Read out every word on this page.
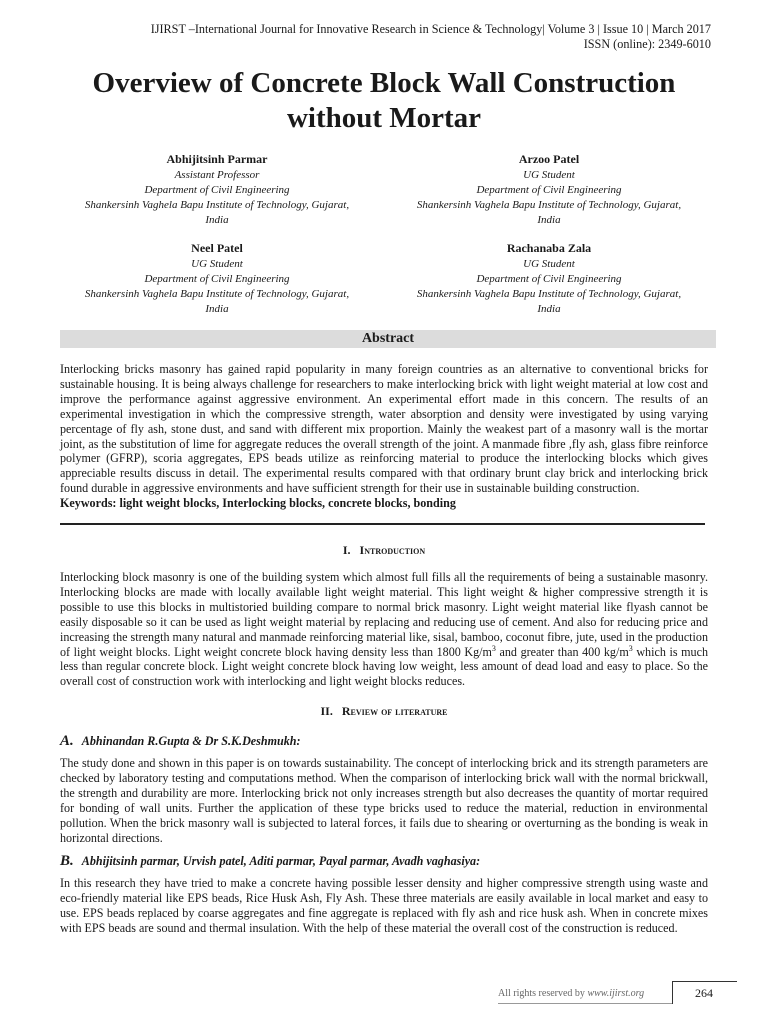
IJIRST –International Journal for Innovative Research in Science & Technology| Volume 3 | Issue 10 | March 2017
ISSN (online): 2349-6010
Overview of Concrete Block Wall Construction
without Mortar
Abhijitsinh Parmar
Assistant Professor
Department of Civil Engineering
Shankersinh Vaghela Bapu Institute of Technology, Gujarat,
India
Arzoo Patel
UG Student
Department of Civil Engineering
Shankersinh Vaghela Bapu Institute of Technology, Gujarat,
India
Neel Patel
UG Student
Department of Civil Engineering
Shankersinh Vaghela Bapu Institute of Technology, Gujarat,
India
Rachanaba Zala
UG Student
Department of Civil Engineering
Shankersinh Vaghela Bapu Institute of Technology, Gujarat,
India
Abstract
Interlocking bricks masonry has gained rapid popularity in many foreign countries as an alternative to conventional bricks for sustainable housing. It is being always challenge for researchers to make interlocking brick with light weight material at low cost and improve the performance against aggressive environment. An experimental effort made in this concern. The results of an experimental investigation in which the compressive strength, water absorption and density were investigated by using varying percentage of fly ash, stone dust, and sand with different mix proportion. Mainly the weakest part of a masonry wall is the mortar joint, as the substitution of lime for aggregate reduces the overall strength of the joint. A manmade fibre ,fly ash, glass fibre reinforce polymer (GFRP), scoria aggregates, EPS beads utilize as reinforcing material to produce the interlocking blocks which gives appreciable results discuss in detail. The experimental results compared with that ordinary brunt clay brick and interlocking brick found durable in aggressive environments and have sufficient strength for their use in sustainable building construction.
Keywords: light weight blocks, Interlocking blocks, concrete blocks, bonding
I. Introduction
Interlocking block masonry is one of the building system which almost full fills all the requirements of being a sustainable masonry. Interlocking blocks are made with locally available light weight material. This light weight & higher compressive strength it is possible to use this blocks in multistoried building compare to normal brick masonry. Light weight material like flyash cannot be easily disposable so it can be used as light weight material by replacing and reducing use of cement. And also for reducing price and increasing the strength many natural and manmade reinforcing material like, sisal, bamboo, coconut fibre, jute, used in the production of light weight blocks. Light weight concrete block having density less than 1800 $Kg/m^3$ and greater than 400 $kg/m^3$ which is much less than regular concrete block. Light weight concrete block having low weight, less amount of dead load and easy to place. So the overall cost of construction work with interlocking and light weight blocks reduces.
II. Review of literature
A. Abhinandan R.Gupta & Dr S.K.Deshmukh:
The study done and shown in this paper is on towards sustainability. The concept of interlocking brick and its strength parameters are checked by laboratory testing and computations method. When the comparison of interlocking brick wall with the normal brickwall, the strength and durability are more. Interlocking brick not only increases strength but also decreases the quantity of mortar required for bonding of wall units. Further the application of these type bricks used to reduce the material, reduction in environmental pollution. When the brick masonry wall is subjected to lateral forces, it fails due to shearing or overturning as the bonding is weak in horizontal directions.
B. Abhijitsinh parmar, Urvish patel, Aditi parmar, Payal parmar, Avadh vaghasiya:
In this research they have tried to make a concrete having possible lesser density and higher compressive strength using waste and eco-friendly material like EPS beads, Rice Husk Ash, Fly Ash. These three materials are easily available in local market and easy to use. EPS beads replaced by coarse aggregates and fine aggregate is replaced with fly ash and rice husk ash. When in concrete mixes with EPS beads are sound and thermal insulation. With the help of these material the overall cost of the construction is reduced.
All rights reserved by www.ijirst.org	264
